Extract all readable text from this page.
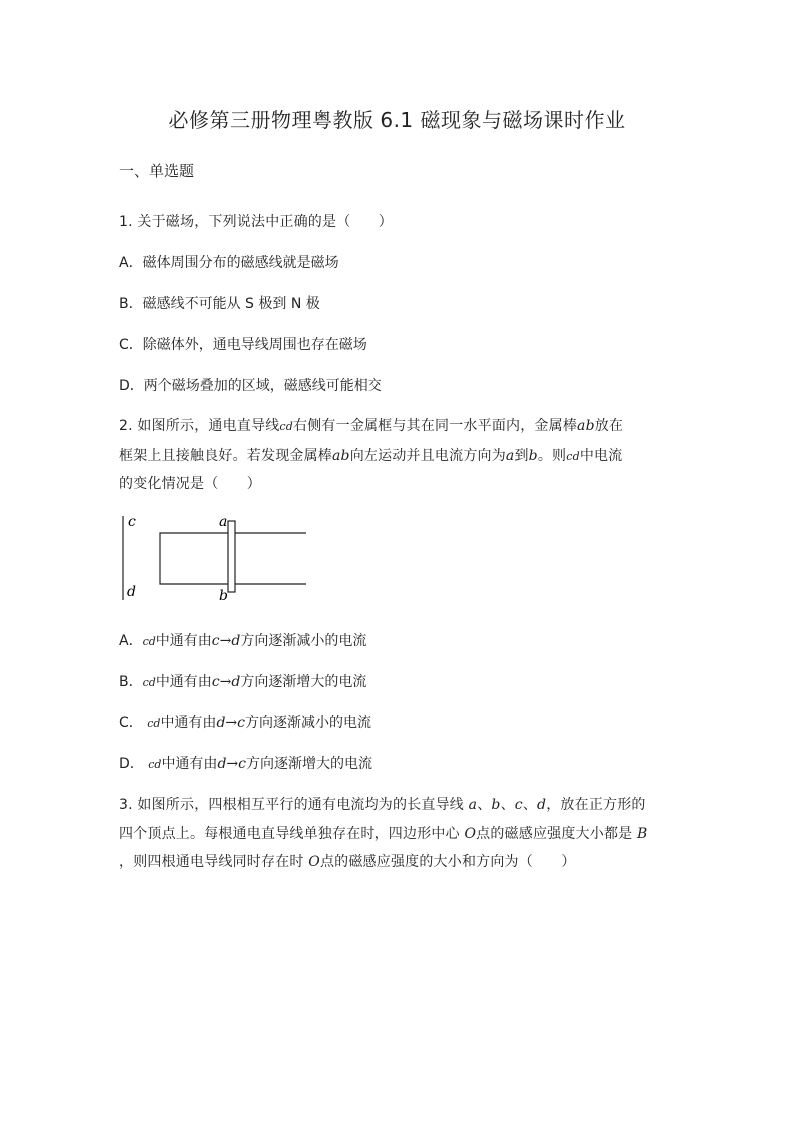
必修第三册物理粤教版 6.1 磁现象与磁场课时作业
一、单选题
1. 关于磁场，下列说法中正确的是（　　）
A．磁体周围分布的磁感线就是磁场
B．磁感线不可能从 S 极到 N 极
C．除磁体外，通电导线周围也存在磁场
D．两个磁场叠加的区域，磁感线可能相交
2. 如图所示，通电直导线cd右侧有一金属框与其在同一水平面内，金属棒ab放在
框架上且接触良好。若发现金属棒ab向左运动并且电流方向为a到b。则cd中电流
的变化情况是（　　）
c
d
a
b
A．cd中通有由c→d方向逐渐减小的电流
B．cd中通有由c→d方向逐渐增大的电流
C． cd中通有由d→c方向逐渐减小的电流
D． cd中通有由d→c方向逐渐增大的电流
3. 如图所示，四根相互平行的通有电流均为的长直导线 a、b、c、d，放在正方形的
四个顶点上。每根通电直导线单独存在时，四边形中心 O点的磁感应强度大小都是 B
，则四根通电导线同时存在时 O点的磁感应强度的大小和方向为（　　）
